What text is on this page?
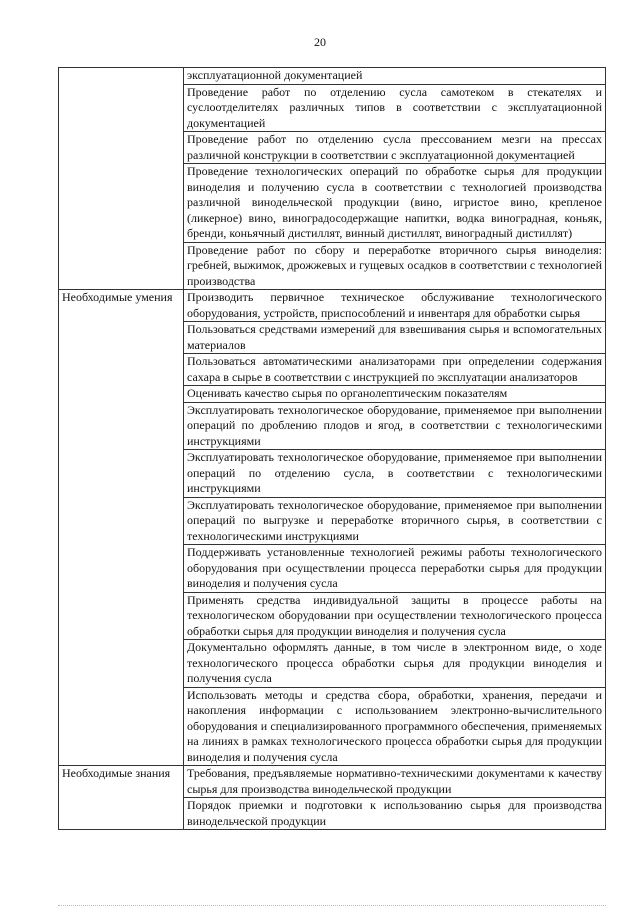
20
	эксплуатационной документацией
	Проведение работ по отделению сусла самотеком в стекателях и суслоотделителях различных типов в соответствии с эксплуатационной документацией
	Проведение работ по отделению сусла прессованием мезги на прессах различной конструкции в соответствии с эксплуатационной документацией
	Проведение технологических операций по обработке сырья для продукции виноделия и получению сусла в соответствии с технологией производства различной винодельческой продукции (вино, игристое вино, крепленое (ликерное) вино, виноградосодержащие напитки, водка виноградная, коньяк, бренди, коньячный дистиллят, винный дистиллят, виноградный дистиллят)
	Проведение работ по сбору и переработке вторичного сырья виноделия: гребней, выжимок, дрожжевых и гущевых осадков в соответствии с технологией производства
Необходимые умения	Производить первичное техническое обслуживание технологического оборудования, устройств, приспособлений и инвентаря для обработки сырья
	Пользоваться средствами измерений для взвешивания сырья и вспомогательных материалов
	Пользоваться автоматическими анализаторами при определении содержания сахара в сырье в соответствии с инструкцией по эксплуатации анализаторов
	Оценивать качество сырья по органолептическим показателям
	Эксплуатировать технологическое оборудование, применяемое при выполнении операций по дроблению плодов и ягод, в соответствии с технологическими инструкциями
	Эксплуатировать технологическое оборудование, применяемое при выполнении операций по отделению сусла, в соответствии с технологическими инструкциями
	Эксплуатировать технологическое оборудование, применяемое при выполнении операций по выгрузке и переработке вторичного сырья, в соответствии с технологическими инструкциями
	Поддерживать установленные технологией режимы работы технологического оборудования при осуществлении процесса переработки сырья для продукции виноделия и получения сусла
	Применять средства индивидуальной защиты в процессе работы на технологическом оборудовании при осуществлении технологического процесса обработки сырья для продукции виноделия и получения сусла
	Документально оформлять данные, в том числе в электронном виде, о ходе технологического процесса обработки сырья для продукции виноделия и получения сусла
	Использовать методы и средства сбора, обработки, хранения, передачи и накопления информации с использованием электронно-вычислительного оборудования и специализированного программного обеспечения, применяемых на линиях в рамках технологического процесса обработки сырья для продукции виноделия и получения сусла
Необходимые знания	Требования, предъявляемые нормативно-техническими документами к качеству сырья для производства винодельческой продукции
	Порядок приемки и подготовки к использованию сырья для производства винодельческой продукции
